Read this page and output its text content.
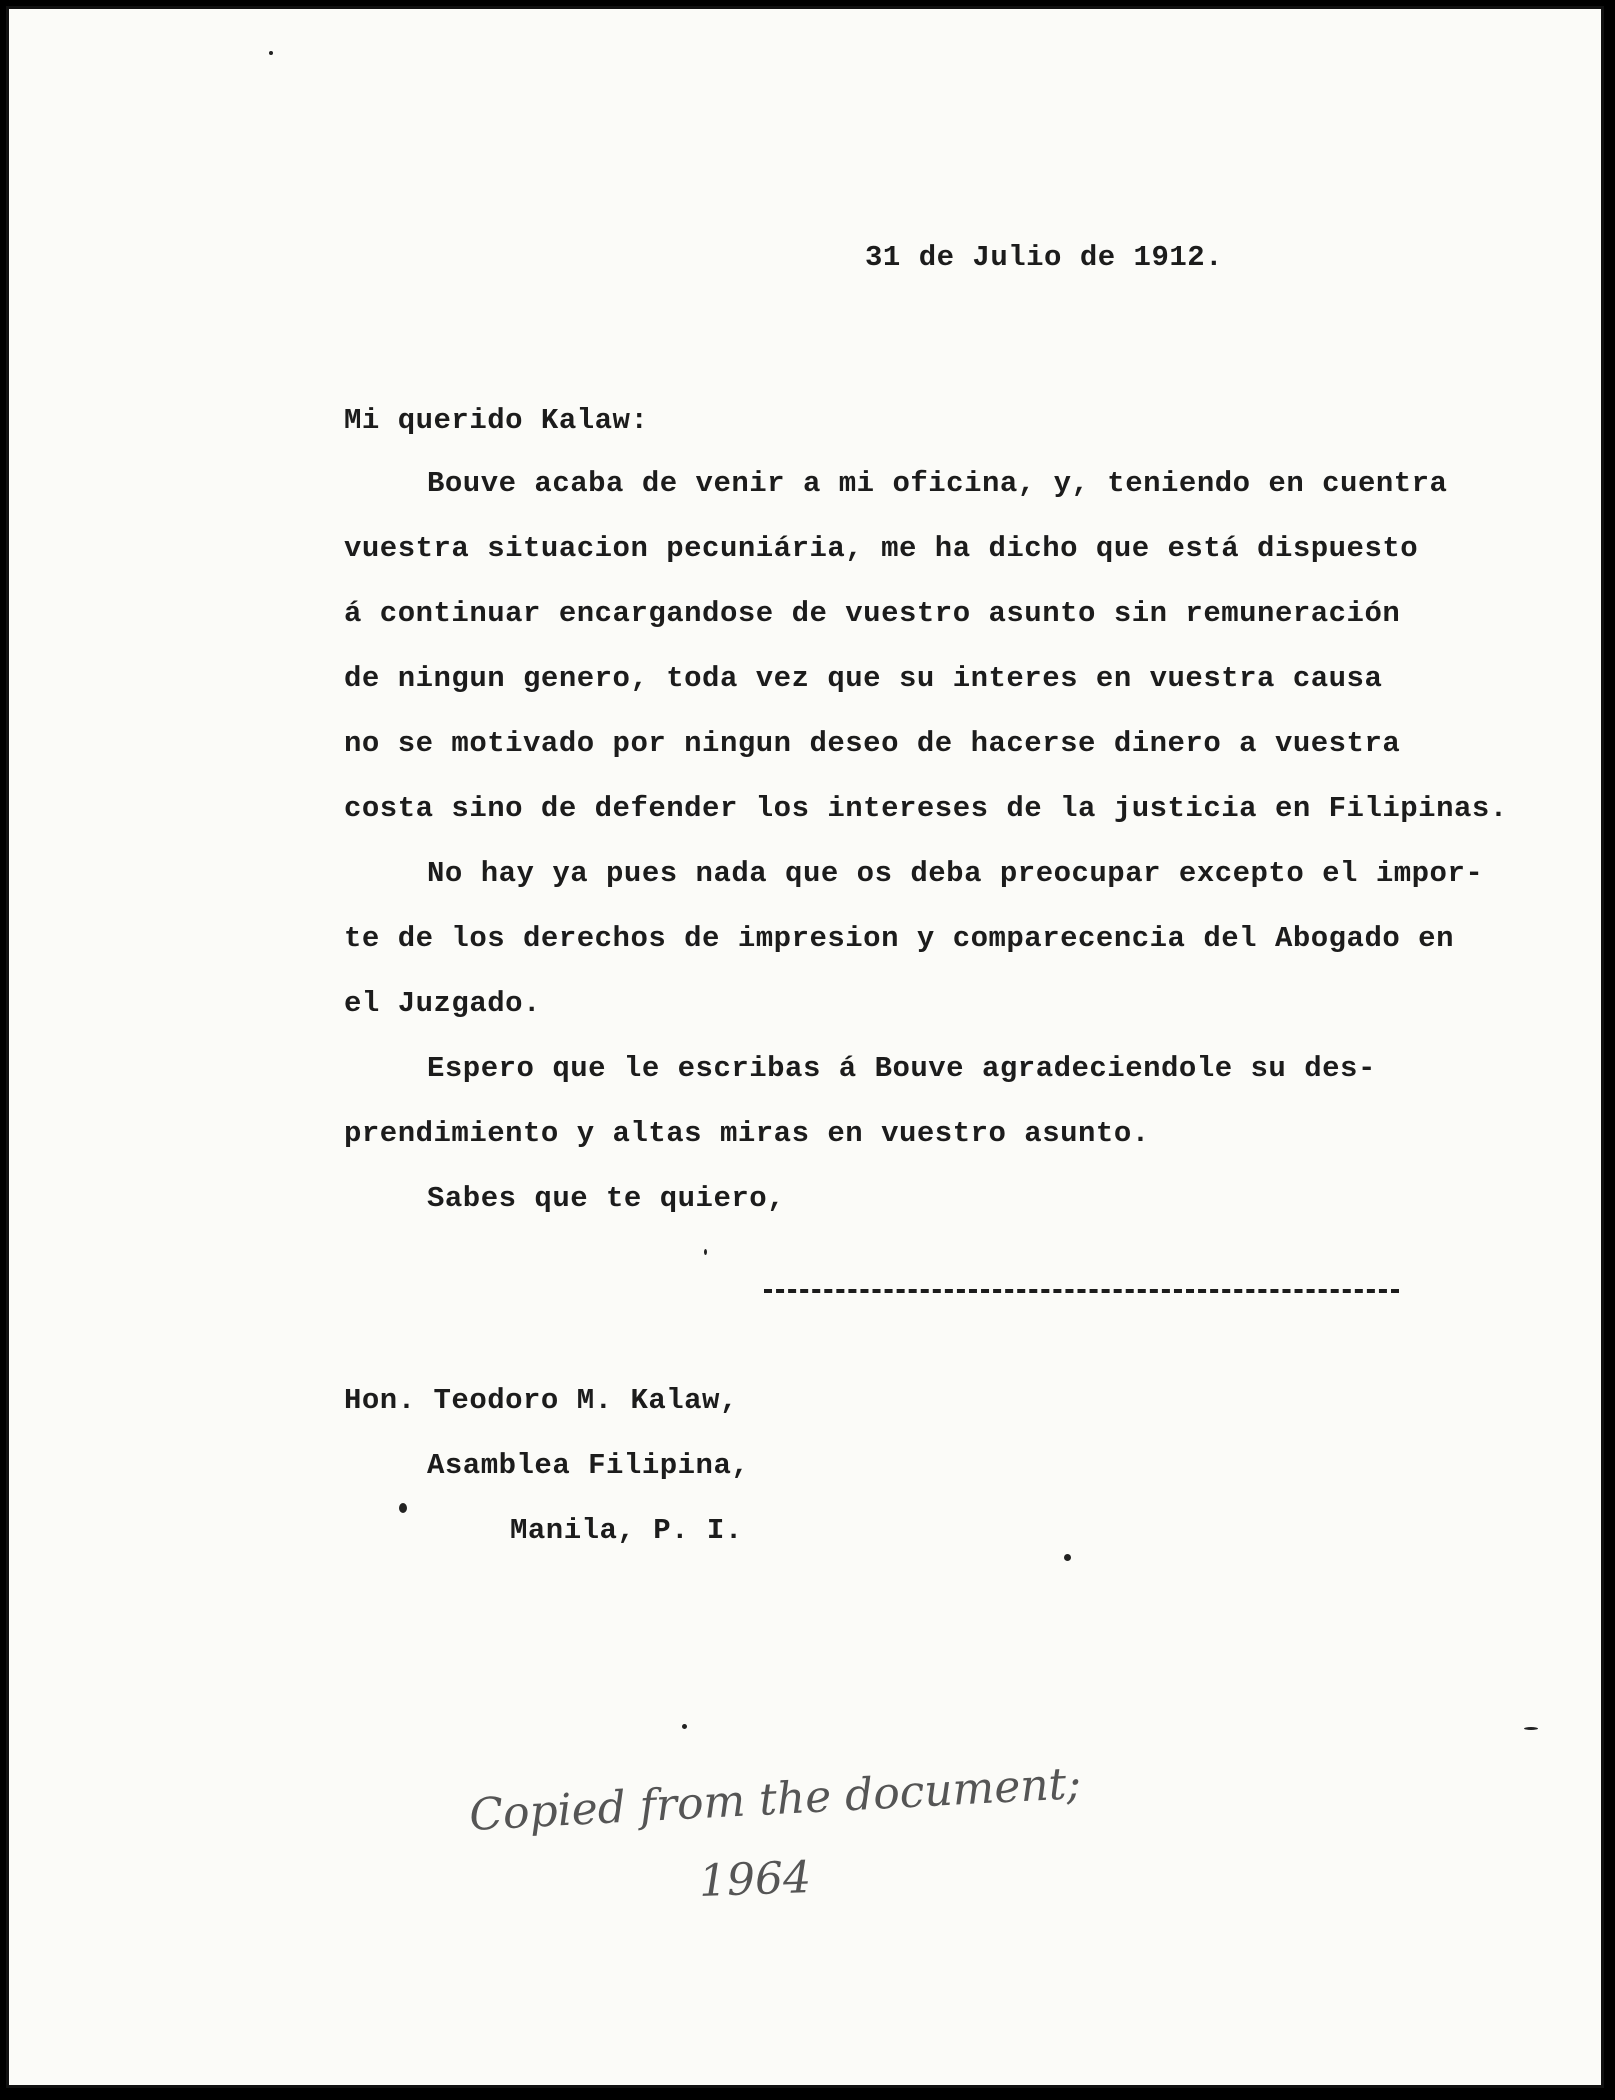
31 de Julio de 1912.
Mi querido Kalaw:
Bouve acaba de venir a mi oficina, y, teniendo en cuentra
vuestra situacion pecuniária, me ha dicho que está dispuesto
á continuar encargandose de vuestro asunto sin remuneración
de ningun genero, toda vez que su interes en vuestra causa
no se motivado por ningun deseo de hacerse dinero a vuestra
costa sino de defender los intereses de la justicia en Filipinas.
No hay ya pues nada que os deba preocupar excepto el impor-
te de los derechos de impresion y comparecencia del Abogado en
el Juzgado.
Espero que le escribas á Bouve agradeciendole su des-
prendimiento y altas miras en vuestro asunto.
Sabes que te quiero,
Hon. Teodoro M. Kalaw,
Asamblea Filipina,
Manila, P. I.
Copied from the document;
1964
